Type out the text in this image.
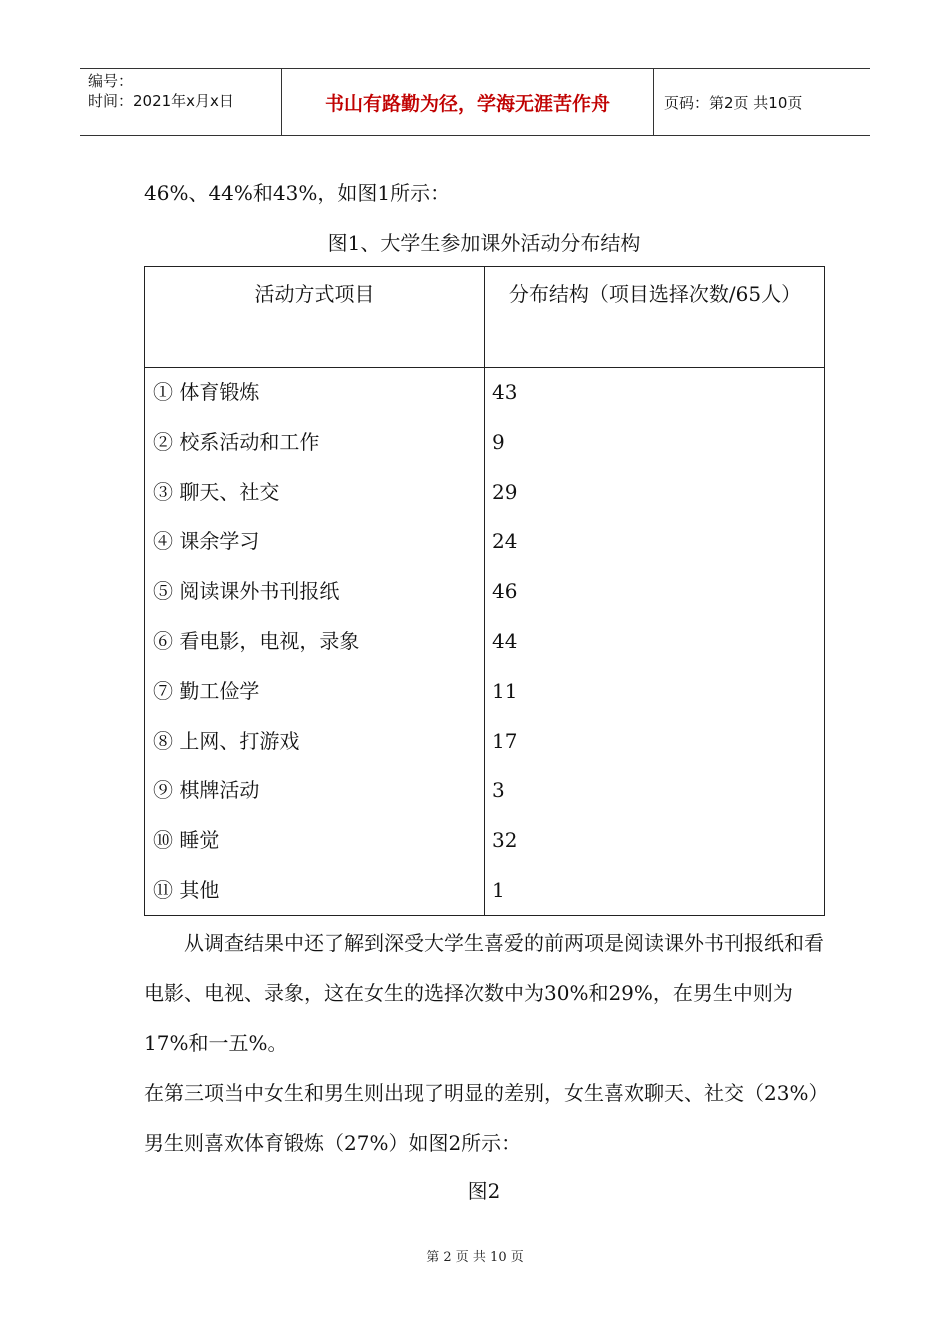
编号：
时间：2021年x月x日	书山有路勤为径，学海无涯苦作舟	页码：第2页 共10页

46%、44%和43%，如图1所示：

图1、大学生参加课外活动分布结构
活动方式项目	分布结构（项目选择次数/65人）
① 体育锻炼	43
② 校系活动和工作	9
③ 聊天、社交	29
④ 课余学习	24
⑤ 阅读课外书刊报纸	46
⑥ 看电影，电视，录象	44
⑦ 勤工俭学	11
⑧ 上网、打游戏	17
⑨ 棋牌活动	3
⑩ 睡觉	32
⑪ 其他	1

从调查结果中还了解到深受大学生喜爱的前两项是阅读课外书刊报纸和看电影、电视、录象，这在女生的选择次数中为30%和29%，在男生中则为17%和一五%。

在第三项当中女生和男生则出现了明显的差别，女生喜欢聊天、社交（23%）男生则喜欢体育锻炼（27%）如图2所示：

图2
第 2 页 共 10 页
